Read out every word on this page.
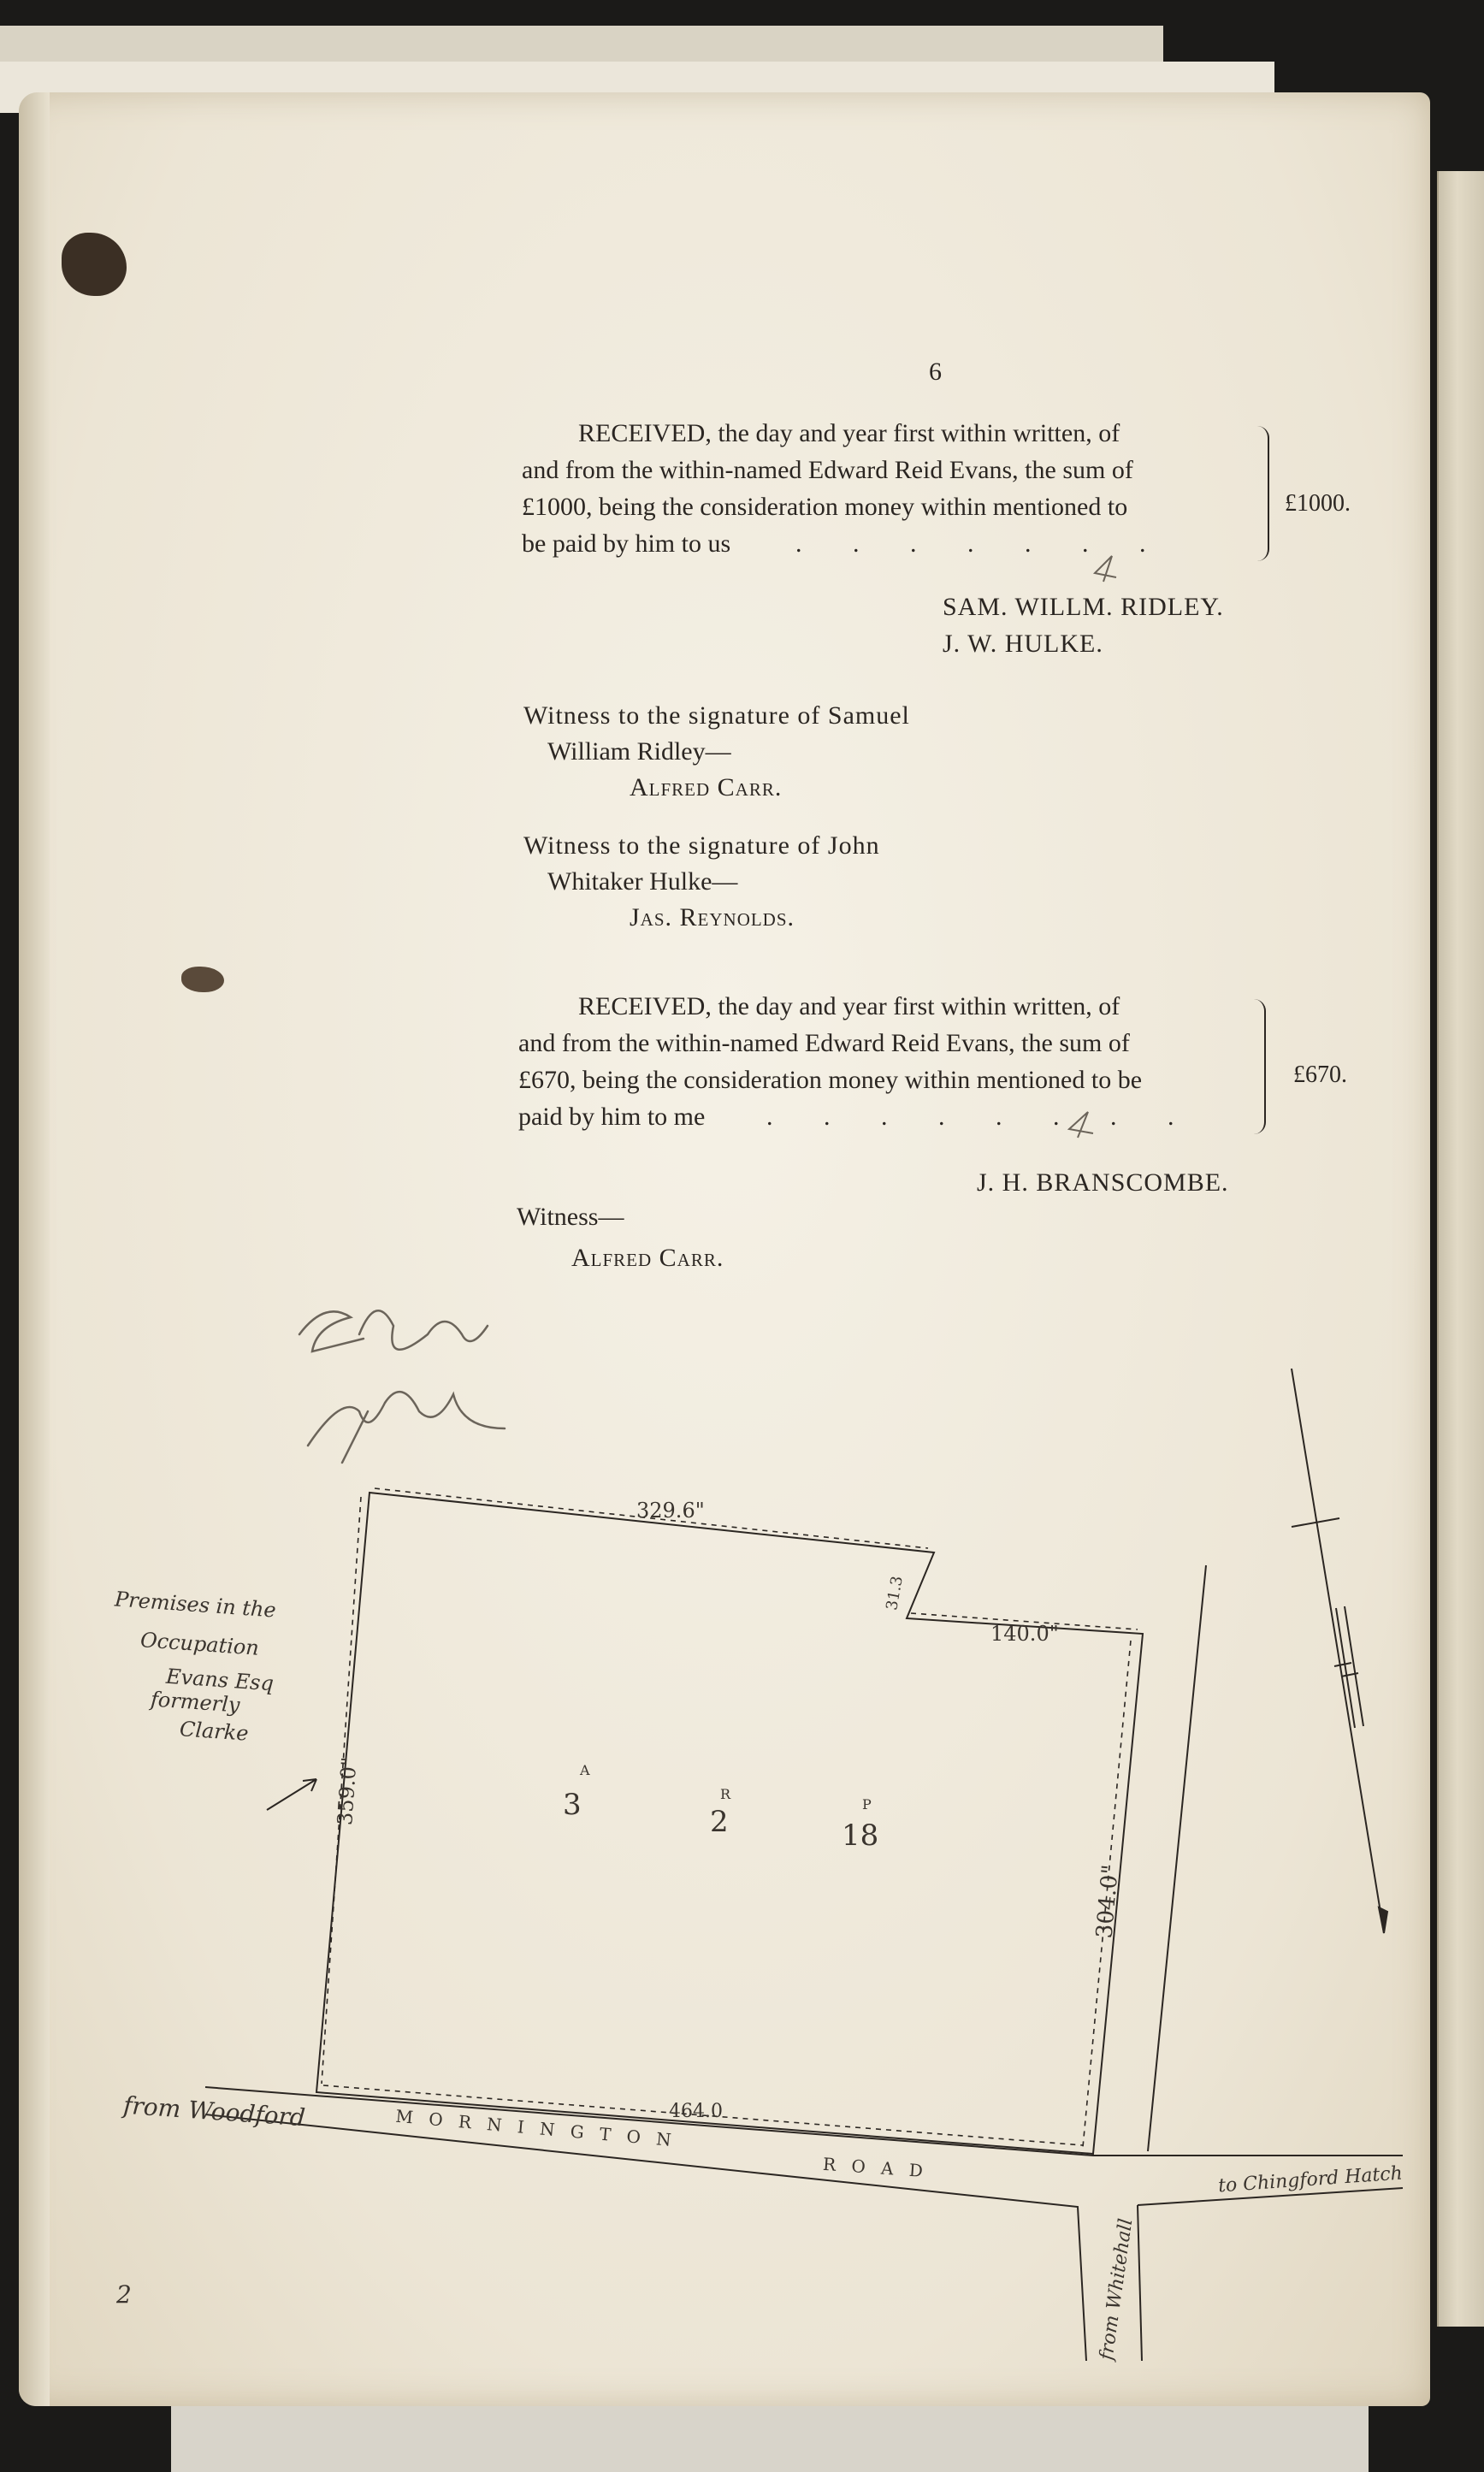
6
RECEIVED, the day and year first within written, of
and from the within-named Edward Reid Evans, the sum of
£1000, being the consideration money within mentioned to
be paid by him to us	. . . . . . .
£1000.
SAM. WILLM. RIDLEY.
J. W. HULKE.
Witness to the signature of Samuel
William Ridley—
Alfred Carr.
Witness to the signature of John
Whitaker Hulke—
Jas. Reynolds.
RECEIVED, the day and year first within written, of
and from the within-named Edward Reid Evans, the sum of
£670, being the consideration money within mentioned to be
paid by him to me . . . . . . . .
£670.
J. H. BRANSCOMBE.
Witness—
Alfred Carr.
329.6"
31.3
140.0"
359.0"
304.0"
464.0
A
3	R
2
P
18
Premises in the
Occupation
Evans Esq
formerly
Clarke
from Woodford	M O R N I N G T O N
R O A D	to Chingford Hatch
from Whitehall
2
